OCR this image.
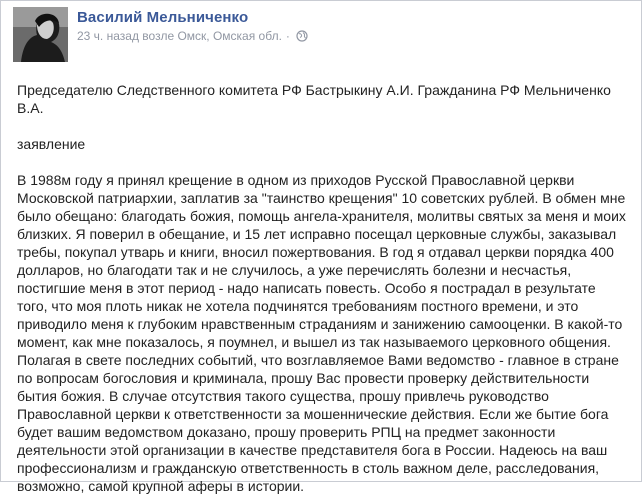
Василий Мельниченко
23 ч. назад
возле Омск, Омская обл. ·

Председателю Следственного комитета РФ Бастрыкину А.И. Гражданина РФ Мельниченко В.А.

заявление

В 1988м году я принял крещение в одном из приходов Русской Православной церкви Московской патриархии, заплатив за "таинство крещения" 10 советских рублей. В обмен мне было обещано: благодать божия, помощь ангела-хранителя, молитвы святых за меня и моих близких. Я поверил в обещание, и 15 лет исправно посещал церковные службы, заказывал требы, покупал утварь и книги, вносил пожертвования. В год я отдавал церкви порядка 400 долларов, но благодати так и не случилось, а уже перечислять болезни и несчастья, постигшие меня в этот период - надо написать повесть. Особо я пострадал в результате того, что моя плоть никак не хотела подчинятся требованиям постного времени, и это приводило меня к глубоким нравственным страданиям и занижению самооценки. В какой-то момент, как мне показалось, я поумнел, и вышел из так называемого церковного общения. Полагая в свете последних событий, что возглавляемое Вами ведомство - главное в стране по вопросам богословия и криминала, прошу Вас провести проверку действительности бытия божия. В случае отсутствия такого существа, прошу привлечь руководство Православной церкви к ответственности за мошеннические действия. Если же бытие бога будет вашим ведомством доказано, прошу проверить РПЦ на предмет законности деятельности этой организации в качестве представителя бога в России. Надеюсь на ваш профессионализм и гражданскую ответственность в столь важном деле, расследования, возможно, самой крупной аферы в истории.
